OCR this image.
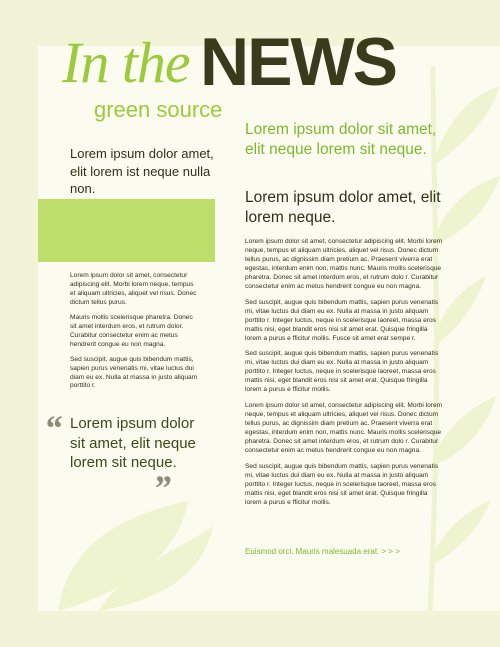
In the NEWS
green source
Lorem ipsum dolor amet, elit lorem ist neque nulla non.

Lorem ipsum dolor sit amet, consectetur adipiscing elit. Morbi lorem neque, tempus et aliquam ultricies, aliquet vel risus. Donec dictum tellus purus.

Mauris mollis scelerisque pharetra. Donec sit amet interdum eros, et rutrum dolor. Curabitur consectetur enim ac metus hendrerit congue eu non magna.

Sed suscipit, augue quis bibendum mattis, sapien purus venenatis mi, vitae luctus dui diam eu ex. Nulla at massa in justo aliquam porttito r.

“ Lorem ipsum dolor sit amet, elit neque lorem sit neque.
”
Lorem ipsum dolor sit amet, elit neque lorem sit neque.
Lorem ipsum dolor amet, elit lorem neque.

Lorem ipsum dolor sit amet, consectetur adipiscing elit. Morbi lorem neque, tempus et aliquam ultricies, aliquet vel risus. Donec dictum tellus purus, ac dignissim diam pretium ac. Praesent viverra erat egestas, interdum enim non, mattis nunc. Mauris mollis scelerisque pharetra. Donec sit amet interdum eros, et rutrum dolo r. Curabitur consectetur enim ac metus hendrerit congue eu non magna.

Sed suscipit, augue quis bibendum mattis, sapien purus venenatis mi, vitae luctus dui diam eu ex. Nulla at massa in justo aliquam porttito r. Integer luctus, neque in scelerisque laoreet, massa eros mattis nisi, eget blandit eros nisi sit amet erat. Quisque fringilla lorem a purus e fficitur mollis. Fusce sit amet erat sempe r.

Sed suscipit, augue quis bibendum mattis, sapien purus venenatis mi, vitae luctus dui diam eu ex. Nulla at massa in justo aliquam porttito r. Integer luctus, neque in scelerisque laoreet, massa eros mattis nisi, eget blandit eros nisi sit amet erat. Quisque fringilla lorem a purus e fficitur mollis.

Lorem ipsum dolor sit amet, consectetur adipiscing elit. Morbi lorem neque, tempus et aliquam ultricies, aliquet vel risus. Donec dictum tellus purus, ac dignissim diam pretium ac. Praesent viverra erat egestas, interdum enim non, mattis nunc. Mauris mollis scelerisque pharetra. Donec sit amet interdum eros, et rutrum dolo r. Curabitur consectetur enim ac metus hendrerit congue eu non magna.

Sed suscipit, augue quis bibendum mattis, sapien purus venenatis mi, vitae luctus dui diam eu ex. Nulla at massa in justo aliquam porttito r. Integer luctus, neque in scelerisque laoreet, massa eros mattis nisi, eget blandit eros nisi sit amet erat. Quisque fringilla lorem a purus e fficitur mollis.

Euismod orci. Mauris malesuada erat. > > >
